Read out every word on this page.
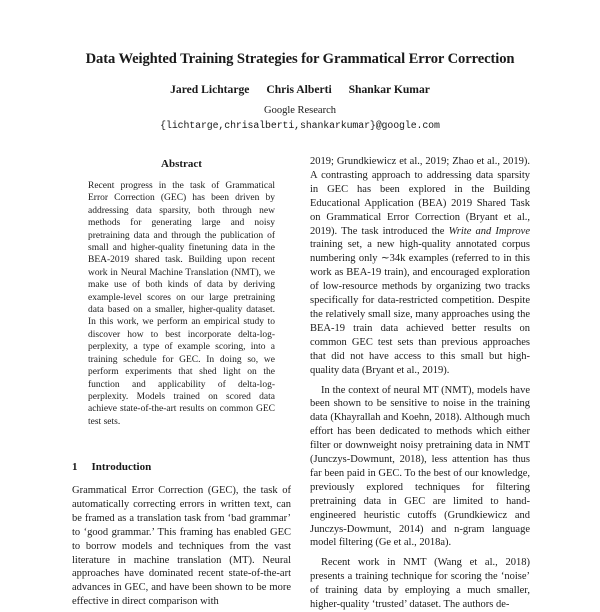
Data Weighted Training Strategies for Grammatical Error Correction
Jared Lichtarge Chris Alberti Shankar Kumar
Google Research
{lichtarge,chrisalberti,shankarkumar}@google.com
Abstract
Recent progress in the task of Grammatical Error Correction (GEC) has been driven by addressing data sparsity, both through new methods for generating large and noisy pretraining data and through the publication of small and higher-quality finetuning data in the BEA-2019 shared task. Building upon recent work in Neural Machine Translation (NMT), we make use of both kinds of data by deriving example-level scores on our large pretraining data based on a smaller, higher-quality dataset. In this work, we perform an empirical study to discover how to best incorporate delta-log-perplexity, a type of example scoring, into a training schedule for GEC. In doing so, we perform experiments that shed light on the function and applicability of delta-log-perplexity. Models trained on scored data achieve state-of-the-art results on common GEC test sets.
1 Introduction

Grammatical Error Correction (GEC), the task of automatically correcting errors in written text, can be framed as a translation task from ‘bad grammar’ to ‘good grammar.’ This framing has enabled GEC to borrow models and techniques from the vast literature in machine translation (MT). Neural approaches have dominated recent state-of-the-art advances in GEC, and have been shown to be more effective in direct comparison with

2019; Grundkiewicz et al., 2019; Zhao et al., 2019). A contrasting approach to addressing data sparsity in GEC has been explored in the Building Educational Application (BEA) 2019 Shared Task on Grammatical Error Correction (Bryant et al., 2019). The task introduced the Write and Improve training set, a new high-quality annotated corpus numbering only ∼34k examples (referred to in this work as BEA-19 train), and encouraged exploration of low-resource methods by organizing two tracks specifically for data-restricted competition. Despite the relatively small size, many approaches using the BEA-19 train data achieved better results on common GEC test sets than previous approaches that did not have access to this small but high-quality data (Bryant et al., 2019).

In the context of neural MT (NMT), models have been shown to be sensitive to noise in the training data (Khayrallah and Koehn, 2018). Although much effort has been dedicated to methods which either filter or downweight noisy pretraining data in NMT (Junczys-Dowmunt, 2018), less attention has thus far been paid in GEC. To the best of our knowledge, previously explored techniques for filtering pretraining data in GEC are limited to hand-engineered heuristic cutoffs (Grundkiewicz and Junczys-Dowmunt, 2014) and n-gram language model filtering (Ge et al., 2018a).

Recent work in NMT (Wang et al., 2018) presents a training technique for scoring the ‘noise’ of training data by employing a much smaller, higher-quality ‘trusted’ dataset. The authors de-
